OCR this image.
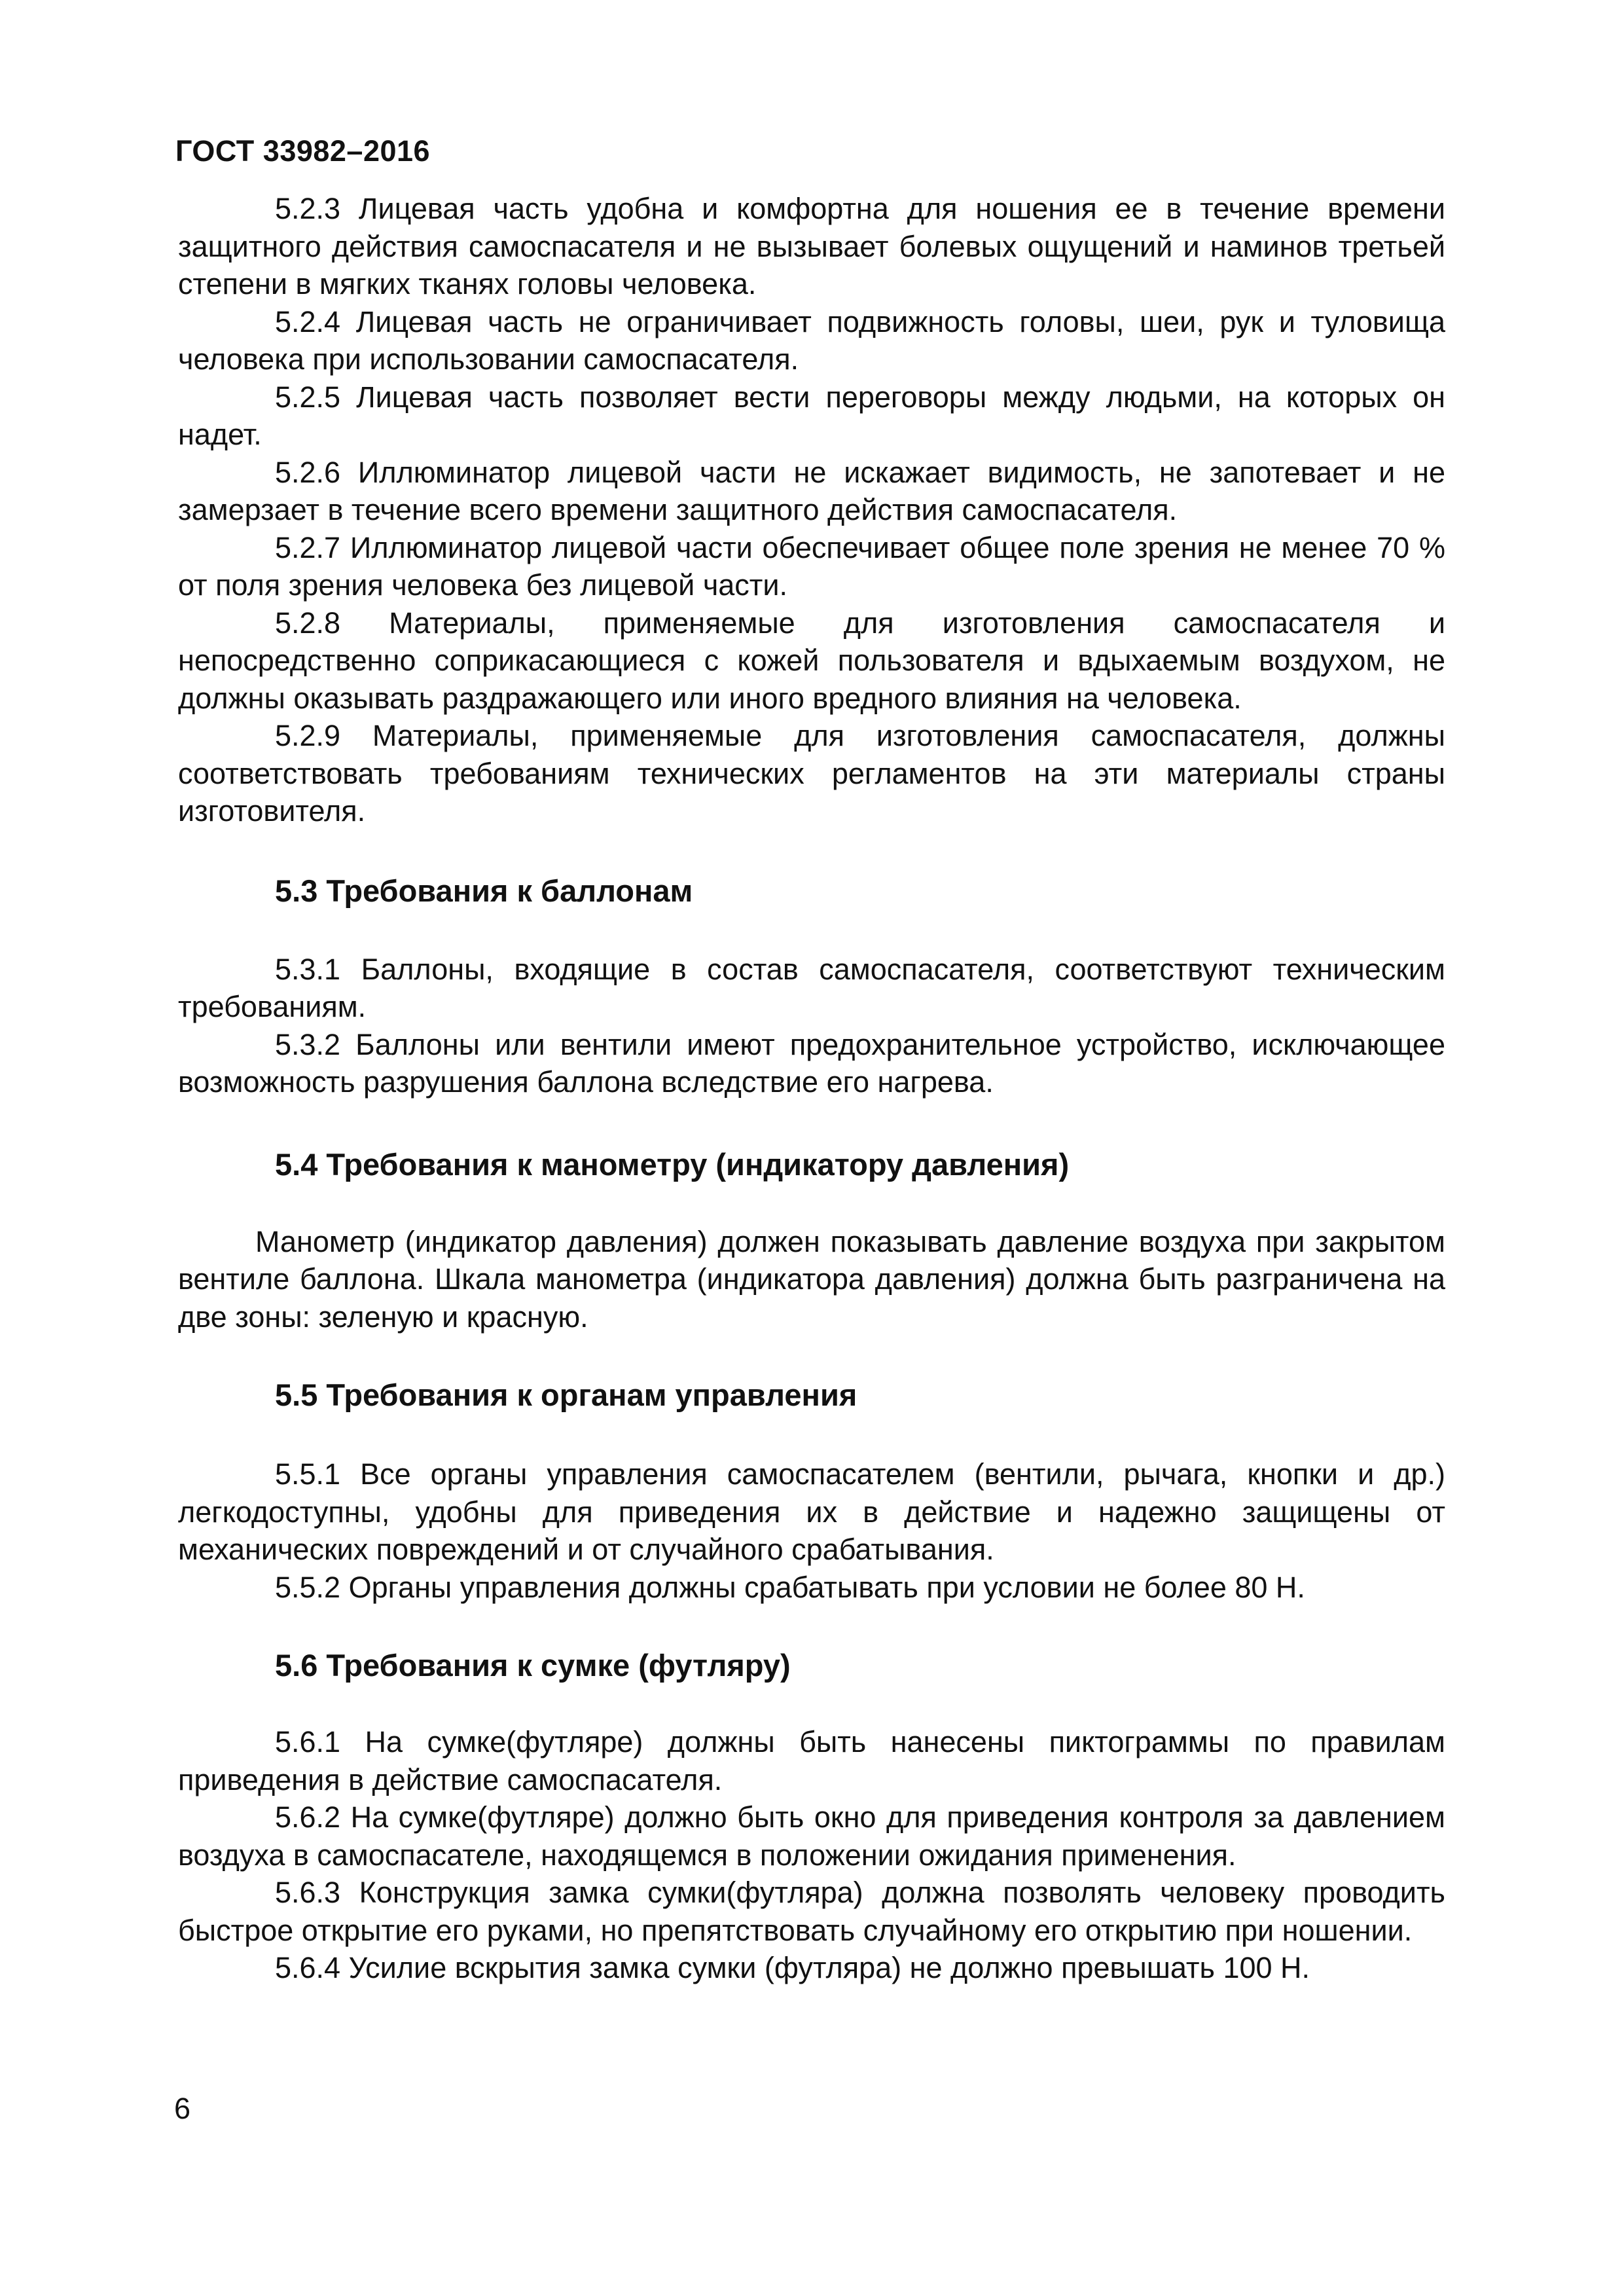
ГОСТ 33982–2016

5.2.3 Лицевая часть удобна и комфортна для ношения ее в течение времени защитного действия самоспасателя и не вызывает болевых ощущений и наминов третьей степени в мягких тканях головы человека.

5.2.4 Лицевая часть не ограничивает подвижность головы, шеи, рук и туловища человека при использовании самоспасателя.

5.2.5 Лицевая часть позволяет вести переговоры между людьми, на которых он надет.

5.2.6 Иллюминатор лицевой части не искажает видимость, не запотевает и не замерзает в течение всего времени защитного действия самоспасателя.

5.2.7 Иллюминатор лицевой части обеспечивает общее поле зрения не менее 70 % от поля зрения человека без лицевой части.

5.2.8 Материалы, применяемые для изготовления самоспасателя и непосредственно соприкасающиеся с кожей пользователя и вдыхаемым воздухом, не должны оказывать раздражающего или иного вредного влияния на человека.

5.2.9 Материалы, применяемые для изготовления самоспасателя, должны соответствовать требованиям технических регламентов на эти материалы страны изготовителя.

5.3 Требования к баллонам

5.3.1 Баллоны, входящие в состав самоспасателя, соответствуют техническим требованиям.

5.3.2 Баллоны или вентили имеют предохранительное устройство, исключающее возможность разрушения баллона вследствие его нагрева.

5.4 Требования к манометру (индикатору давления)

Манометр (индикатор давления) должен показывать давление воздуха при закрытом вентиле баллона. Шкала манометра (индикатора давления) должна быть разграничена на две зоны: зеленую и красную.

5.5 Требования к органам управления

5.5.1 Все органы управления самоспасателем (вентили, рычага, кнопки и др.) легкодоступны, удобны для приведения их в действие и надежно защищены от механических повреждений и от случайного срабатывания.

5.5.2 Органы управления должны срабатывать при условии не более 80 Н.

5.6 Требования к сумке (футляру)

5.6.1 На сумке(футляре) должны быть нанесены пиктограммы по правилам приведения в действие самоспасателя.

5.6.2 На сумке(футляре) должно быть окно для приведения контроля за давлением воздуха в самоспасателе, находящемся в положении ожидания применения.

5.6.3 Конструкция замка сумки(футляра) должна позволять человеку проводить быстрое открытие его руками, но препятствовать случайному его открытию при ношении.

5.6.4 Усилие вскрытия замка сумки (футляра) не должно превышать 100 Н.

6
